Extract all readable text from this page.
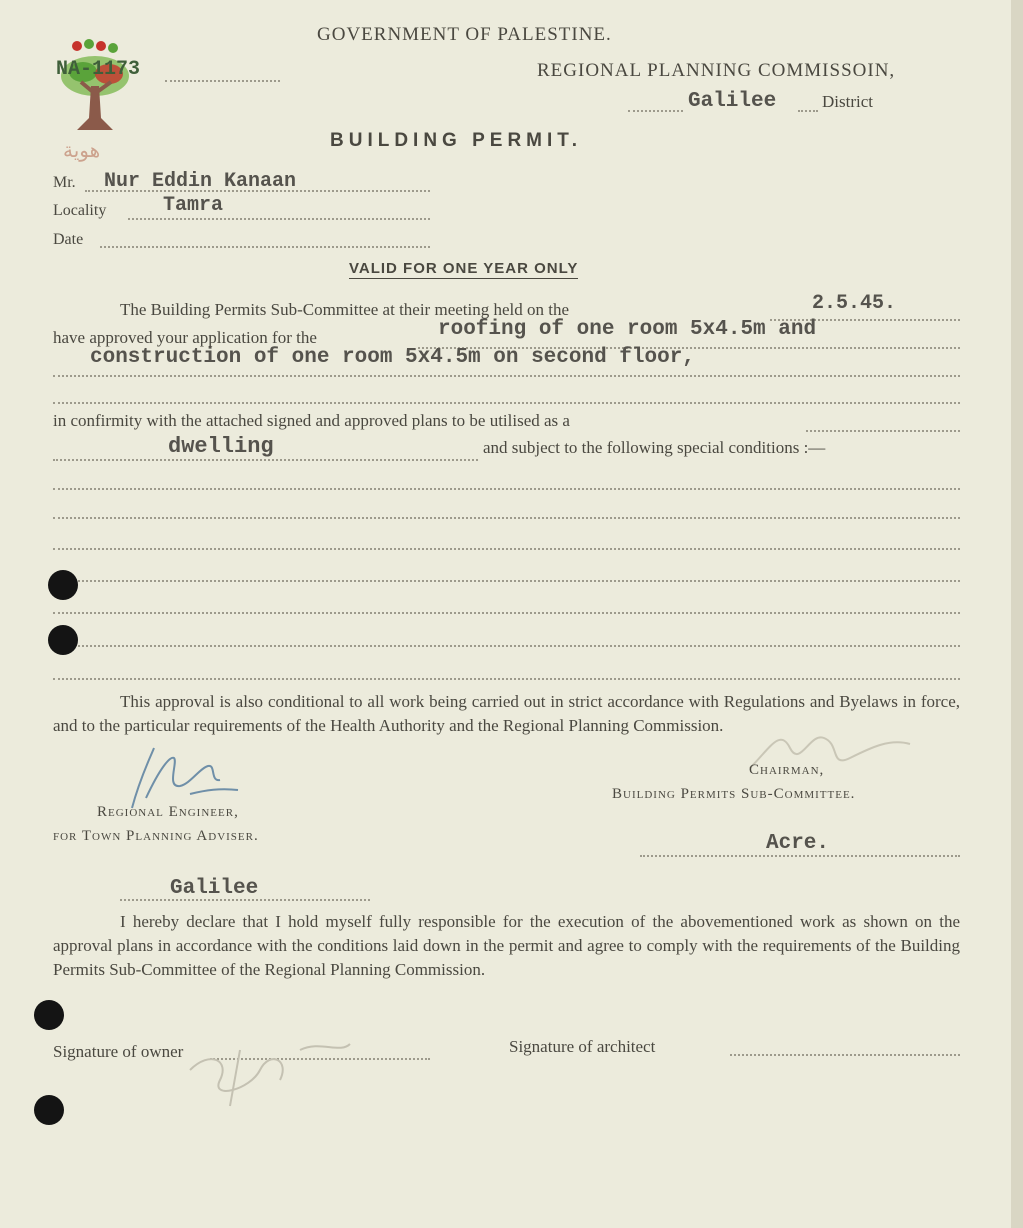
هوية
GOVERNMENT OF PALESTINE.
NA-1173	REGIONAL PLANNING COMMISSOIN,
Galilee	District
BUILDING PERMIT.
Mr. Nur Eddin Kanaan
Locality	Tamra
Date
VALID FOR ONE YEAR ONLY
The Building Permits Sub-Committee at their meeting held on the	2.5.45.
have approved your application for the	roofing of one room 5x4.5m and
construction of one room 5x4.5m on second floor,
in confirmity with the attached signed and approved plans to be utilised as a
dwelling	and subject to the following special conditions :—
This approval is also conditional to all work being carried out in strict accordance with Regulations and Byelaws in force, and to the particular requirements of the Health Authority and the Regional Planning Commission.
Chairman,
Building Permits Sub-Committee.
Regional Engineer,
for Town Planning Adviser.	Acre.
Galilee
I hereby declare that I hold myself fully responsible for the execution of the abovementioned work as shown on the approval plans in accordance with the conditions laid down in the permit and agree to comply with the requirements of the Building Permits Sub-Committee of the Regional Planning Commission.
Signature of owner	Signature of architect
